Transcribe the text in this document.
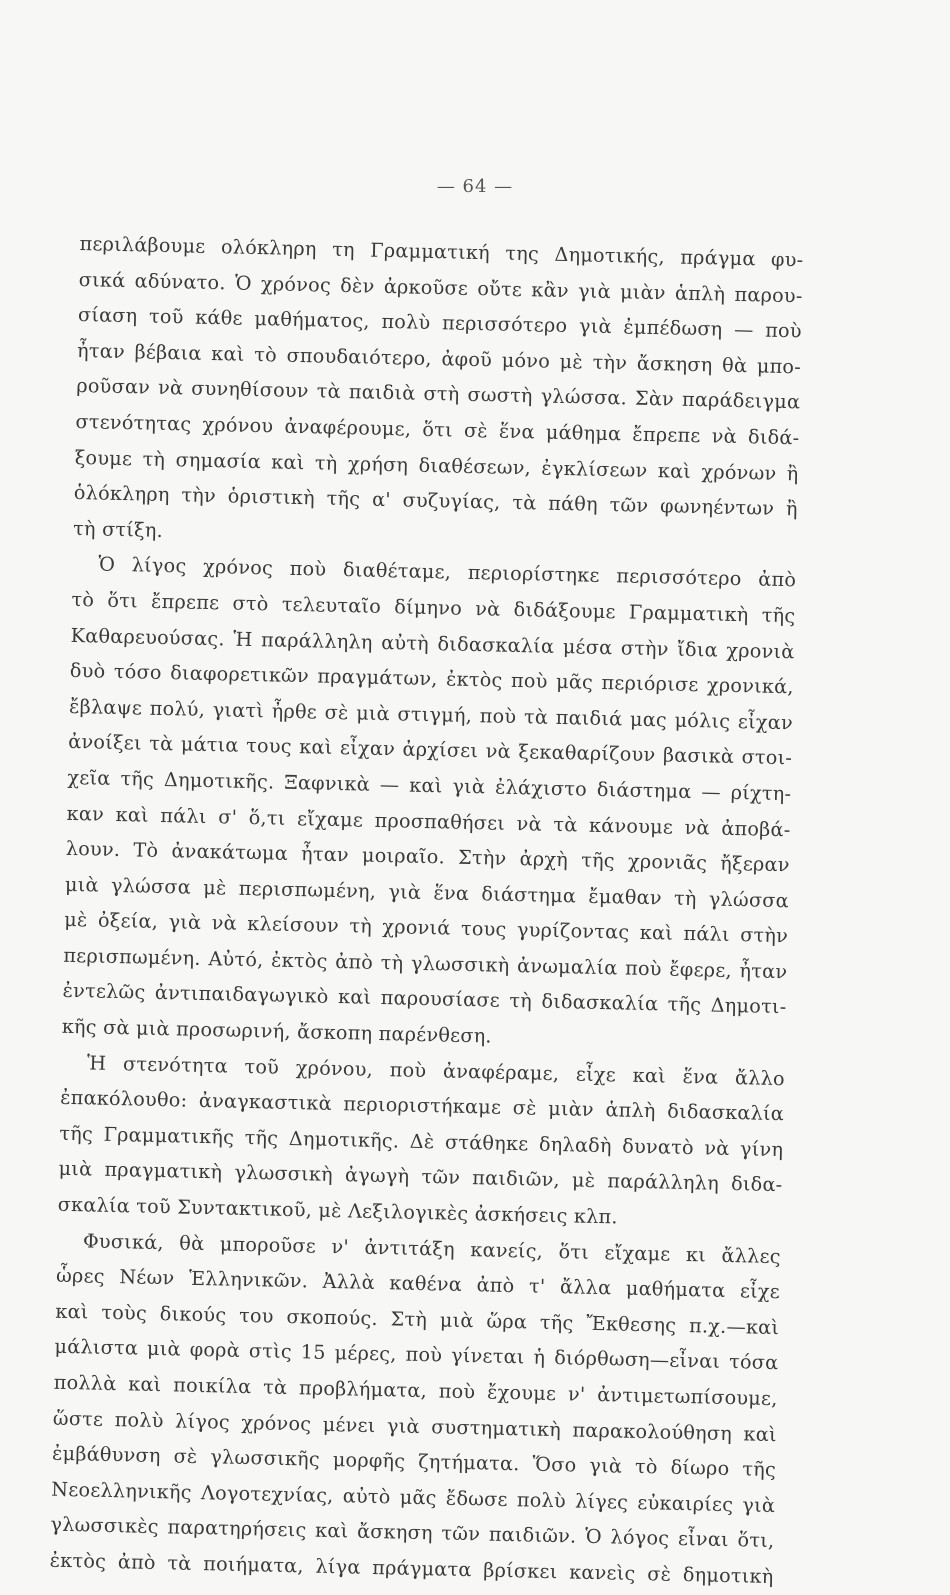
— 64 —
περιλάβουμε ολόκληρη τη Γραμματική της Δημοτικής, πράγμα φυ-
σικά αδύνατο. Ὁ χρόνος δὲν ἀρκοῦσε οὔτε κἂν γιὰ μιὰν ἁπλὴ παρου-
σίαση τοῦ κάθε μαθήματος, πολὺ περισσότερο γιὰ ἐμπέδωση — ποὺ
ἦταν βέβαια καὶ τὸ σπουδαιότερο, ἀφοῦ μόνο μὲ τὴν ἄσκηση θὰ μπο-
ροῦσαν νὰ συνηθίσουν τὰ παιδιὰ στὴ σωστὴ γλώσσα. Σὰν παράδειγμα
στενότητας χρόνου ἀναφέρουμε, ὅτι σὲ ἕνα μάθημα ἔπρεπε νὰ διδά-
ξουμε τὴ σημασία καὶ τὴ χρήση διαθέσεων, ἐγκλίσεων καὶ χρόνων ἢ
ὁλόκληρη τὴν ὁριστικὴ τῆς α' συζυγίας, τὰ πάθη τῶν φωνηέντων ἢ
τὴ στίξη.
Ὁ λίγος χρόνος ποὺ διαθέταμε, περιορίστηκε περισσότερο ἀπὸ
τὸ ὅτι ἔπρεπε στὸ τελευταῖο δίμηνο νὰ διδάξουμε Γραμματικὴ τῆς
Καθαρευούσας. Ἡ παράλληλη αὐτὴ διδασκαλία μέσα στὴν ἴδια χρονιὰ
δυὸ τόσο διαφορετικῶν πραγμάτων, ἐκτὸς ποὺ μᾶς περιόρισε χρονικά,
ἔβλαψε πολύ, γιατὶ ἦρθε σὲ μιὰ στιγμή, ποὺ τὰ παιδιά μας μόλις εἶχαν
ἀνοίξει τὰ μάτια τους καὶ εἶχαν ἀρχίσει νὰ ξεκαθαρίζουν βασικὰ στοι-
χεῖα τῆς Δημοτικῆς. Ξαφνικὰ — καὶ γιὰ ἐλάχιστο διάστημα — ρίχτη-
καν καὶ πάλι σ' ὅ,τι εἴχαμε προσπαθήσει νὰ τὰ κάνουμε νὰ ἀποβά-
λουν. Τὸ ἀνακάτωμα ἦταν μοιραῖο. Στὴν ἀρχὴ τῆς χρονιᾶς ἤξεραν
μιὰ γλώσσα μὲ περισπωμένη, γιὰ ἕνα διάστημα ἔμαθαν τὴ γλώσσα
μὲ ὀξεία, γιὰ νὰ κλείσουν τὴ χρονιά τους γυρίζοντας καὶ πάλι στὴν
περισπωμένη. Αὐτό, ἐκτὸς ἀπὸ τὴ γλωσσικὴ ἀνωμαλία ποὺ ἔφερε, ἦταν
ἐντελῶς ἀντιπαιδαγωγικὸ καὶ παρουσίασε τὴ διδασκαλία τῆς Δημοτι-
κῆς σὰ μιὰ προσωρινή, ἄσκοπη παρένθεση.
Ἡ στενότητα τοῦ χρόνου, ποὺ ἀναφέραμε, εἶχε καὶ ἕνα ἄλλο
ἐπακόλουθο: ἀναγκαστικὰ περιοριστήκαμε σὲ μιὰν ἁπλὴ διδασκαλία
τῆς Γραμματικῆς τῆς Δημοτικῆς. Δὲ στάθηκε δηλαδὴ δυνατὸ νὰ γίνη
μιὰ πραγματικὴ γλωσσικὴ ἀγωγὴ τῶν παιδιῶν, μὲ παράλληλη διδα-
σκαλία τοῦ Συντακτικοῦ, μὲ Λεξιλογικὲς ἀσκήσεις κλπ.
Φυσικά, θὰ μποροῦσε ν' ἀντιτάξη κανείς, ὅτι εἴχαμε κι ἄλλες
ὧρες Νέων Ἑλληνικῶν. Ἀλλὰ καθένα ἀπὸ τ' ἄλλα μαθήματα εἶχε
καὶ τοὺς δικούς του σκοπούς. Στὴ μιὰ ὥρα τῆς Ἔκθεσης π.χ.—καὶ
μάλιστα μιὰ φορὰ στὶς 15 μέρες, ποὺ γίνεται ἡ διόρθωση—εἶναι τόσα
πολλὰ καὶ ποικίλα τὰ προβλήματα, ποὺ ἔχουμε ν' ἀντιμετωπίσουμε,
ὥστε πολὺ λίγος χρόνος μένει γιὰ συστηματικὴ παρακολούθηση καὶ
ἐμβάθυνση σὲ γλωσσικῆς μορφῆς ζητήματα. Ὅσο γιὰ τὸ δίωρο τῆς
Νεοελληνικῆς Λογοτεχνίας, αὐτὸ μᾶς ἔδωσε πολὺ λίγες εὐκαιρίες γιὰ
γλωσσικὲς παρατηρήσεις καὶ ἄσκηση τῶν παιδιῶν. Ὁ λόγος εἶναι ὅτι,
ἐκτὸς ἀπὸ τὰ ποιήματα, λίγα πράγματα βρίσκει κανεὶς σὲ δημοτικὴ
